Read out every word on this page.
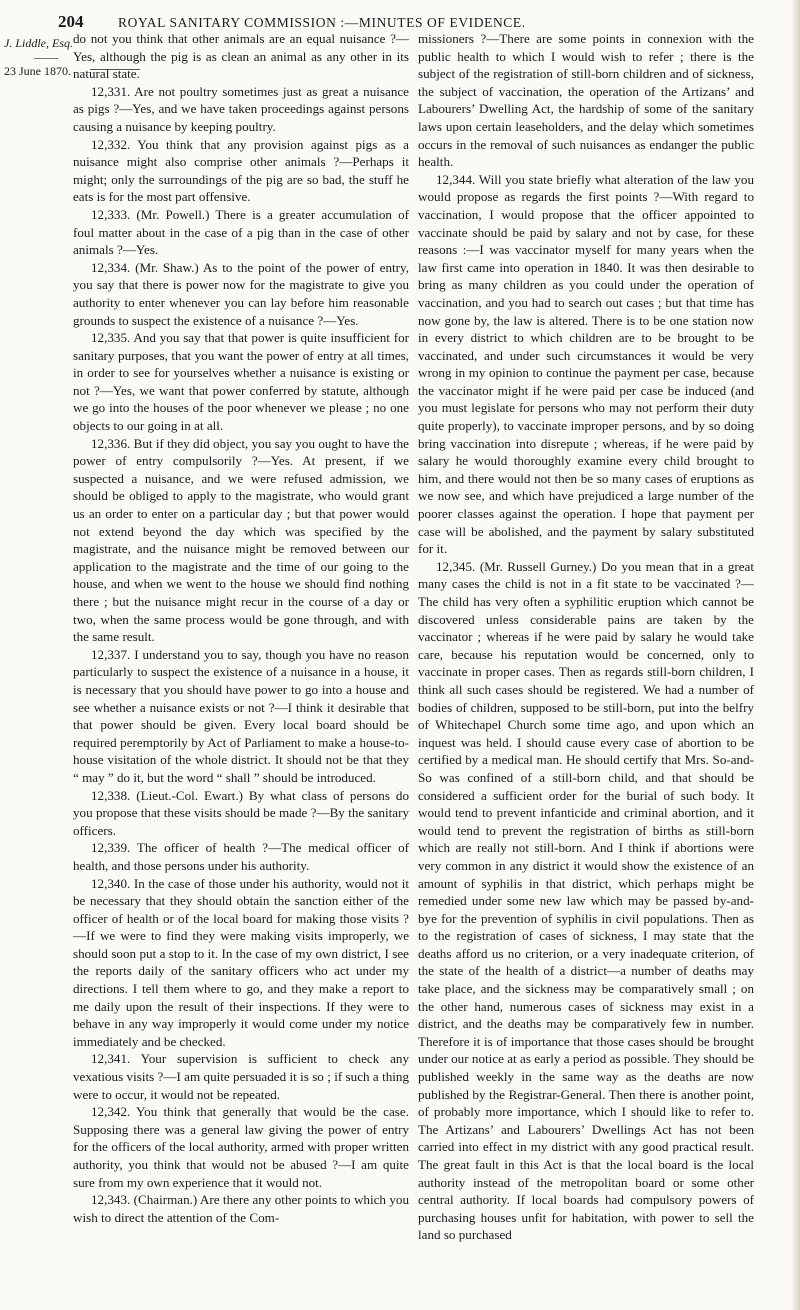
204	ROYAL SANITARY COMMISSION :—MINUTES OF EVIDENCE.
J. Liddle, Esq.
——
23 June 1870.

do not you think that other animals are an equal nuisance ?—Yes, although the pig is as clean an animal as any other in its natural state.

12,331. Are not poultry sometimes just as great a nuisance as pigs ?—Yes, and we have taken proceedings against persons causing a nuisance by keeping poultry.

12,332. You think that any provision against pigs as a nuisance might also comprise other animals ?—Perhaps it might; only the surroundings of the pig are so bad, the stuff he eats is for the most part offensive.

12,333. (Mr. Powell.) There is a greater accumulation of foul matter about in the case of a pig than in the case of other animals ?—Yes.

12,334. (Mr. Shaw.) As to the point of the power of entry, you say that there is power now for the magistrate to give you authority to enter whenever you can lay before him reasonable grounds to suspect the existence of a nuisance ?—Yes.

12,335. And you say that that power is quite insufficient for sanitary purposes, that you want the power of entry at all times, in order to see for yourselves whether a nuisance is existing or not ?—Yes, we want that power conferred by statute, although we go into the houses of the poor whenever we please ; no one objects to our going in at all.

12,336. But if they did object, you say you ought to have the power of entry compulsorily ?—Yes. At present, if we suspected a nuisance, and we were refused admission, we should be obliged to apply to the magistrate, who would grant us an order to enter on a particular day ; but that power would not extend beyond the day which was specified by the magistrate, and the nuisance might be removed between our application to the magistrate and the time of our going to the house, and when we went to the house we should find nothing there ; but the nuisance might recur in the course of a day or two, when the same process would be gone through, and with the same result.

12,337. I understand you to say, though you have no reason particularly to suspect the existence of a nuisance in a house, it is necessary that you should have power to go into a house and see whether a nuisance exists or not ?—I think it desirable that that power should be given. Every local board should be required peremptorily by Act of Parliament to make a house-to-house visitation of the whole district. It should not be that they “ may ” do it, but the word “ shall ” should be introduced.

12,338. (Lieut.-Col. Ewart.) By what class of persons do you propose that these visits should be made ?—By the sanitary officers.

12,339. The officer of health ?—The medical officer of health, and those persons under his authority.

12,340. In the case of those under his authority, would not it be necessary that they should obtain the sanction either of the officer of health or of the local board for making those visits ?—If we were to find they were making visits improperly, we should soon put a stop to it. In the case of my own district, I see the reports daily of the sanitary officers who act under my directions. I tell them where to go, and they make a report to me daily upon the result of their inspections. If they were to behave in any way improperly it would come under my notice immediately and be checked.

12,341. Your supervision is sufficient to check any vexatious visits ?—I am quite persuaded it is so ; if such a thing were to occur, it would not be repeated.

12,342. You think that generally that would be the case. Supposing there was a general law giving the power of entry for the officers of the local authority, armed with proper written authority, you think that would not be abused ?—I am quite sure from my own experience that it would not.

12,343. (Chairman.) Are there any other points to which you wish to direct the attention of the Com-

missioners ?—There are some points in connexion with the public health to which I would wish to refer ; there is the subject of the registration of still-born children and of sickness, the subject of vaccination, the operation of the Artizans’ and Labourers’ Dwelling Act, the hardship of some of the sanitary laws upon certain leaseholders, and the delay which sometimes occurs in the removal of such nuisances as endanger the public health.

12,344. Will you state briefly what alteration of the law you would propose as regards the first points ?—With regard to vaccination, I would propose that the officer appointed to vaccinate should be paid by salary and not by case, for these reasons :—I was vaccinator myself for many years when the law first came into operation in 1840. It was then desirable to bring as many children as you could under the operation of vaccination, and you had to search out cases ; but that time has now gone by, the law is altered. There is to be one station now in every district to which children are to be brought to be vaccinated, and under such circumstances it would be very wrong in my opinion to continue the payment per case, because the vaccinator might if he were paid per case be induced (and you must legislate for persons who may not perform their duty quite properly), to vaccinate improper persons, and by so doing bring vaccination into disrepute ; whereas, if he were paid by salary he would thoroughly examine every child brought to him, and there would not then be so many cases of eruptions as we now see, and which have prejudiced a large number of the poorer classes against the operation. I hope that payment per case will be abolished, and the payment by salary substituted for it.

12,345. (Mr. Russell Gurney.) Do you mean that in a great many cases the child is not in a fit state to be vaccinated ?—The child has very often a syphilitic eruption which cannot be discovered unless considerable pains are taken by the vaccinator ; whereas if he were paid by salary he would take care, because his reputation would be concerned, only to vaccinate in proper cases. Then as regards still-born children, I think all such cases should be registered. We had a number of bodies of children, supposed to be still-born, put into the belfry of Whitechapel Church some time ago, and upon which an inquest was held. I should cause every case of abortion to be certified by a medical man. He should certify that Mrs. So-and-So was confined of a still-born child, and that should be considered a sufficient order for the burial of such body. It would tend to prevent infanticide and criminal abortion, and it would tend to prevent the registration of births as still-born which are really not still-born. And I think if abortions were very common in any district it would show the existence of an amount of syphilis in that district, which perhaps might be remedied under some new law which may be passed by-and-bye for the prevention of syphilis in civil populations. Then as to the registration of cases of sickness, I may state that the deaths afford us no criterion, or a very inadequate criterion, of the state of the health of a district—a number of deaths may take place, and the sickness may be comparatively small ; on the other hand, numerous cases of sickness may exist in a district, and the deaths may be comparatively few in number. Therefore it is of importance that those cases should be brought under our notice at as early a period as possible. They should be published weekly in the same way as the deaths are now published by the Registrar-General. Then there is another point, of probably more importance, which I should like to refer to. The Artizans’ and Labourers’ Dwellings Act has not been carried into effect in my district with any good practical result. The great fault in this Act is that the local board is the local authority instead of the metropolitan board or some other central authority. If local boards had compulsory powers of purchasing houses unfit for habitation, with power to sell the land so purchased
